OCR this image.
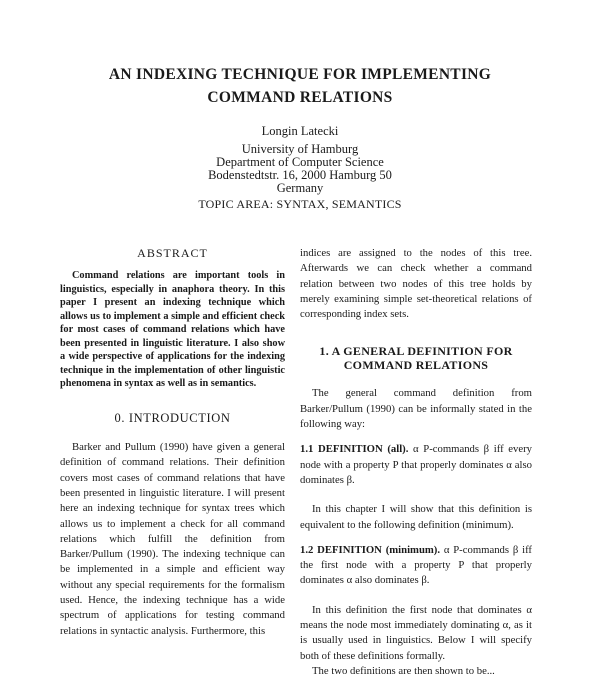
AN INDEXING TECHNIQUE FOR IMPLEMENTING
COMMAND RELATIONS
Longin Latecki
University of Hamburg
Department of Computer Science
Bodenstedtstr. 16, 2000 Hamburg 50
Germany
TOPIC AREA: SYNTAX, SEMANTICS
ABSTRACT

Command relations are important tools in linguistics, especially in anaphora theory. In this paper I present an indexing technique which allows us to implement a simple and efficient check for most cases of command relations which have been presented in linguistic literature. I also show a wide perspective of applications for the indexing technique in the implementation of other linguistic phenomena in syntax as well as in semantics.

0. INTRODUCTION

Barker and Pullum (1990) have given a general definition of command relations. Their definition covers most cases of command relations that have been presented in linguistic literature. I will present here an indexing technique for syntax trees which allows us to implement a check for all command relations which fulfill the definition from Barker/Pullum (1990). The indexing technique can be implemented in a simple and efficient way without any special requirements for the formalism used. Hence, the indexing technique has a wide spectrum of applications for testing command relations in syntactic analysis. Furthermore, this

indices are assigned to the nodes of this tree. Afterwards we can check whether a command relation between two nodes of this tree holds by merely examining simple set-theoretical relations of corresponding index sets.

1. A GENERAL DEFINITION FOR
COMMAND RELATIONS

The general command definition from Barker/Pullum (1990) can be informally stated in the following way:

1.1 DEFINITION (all). α P-commands β iff every node with a property P that properly dominates α also dominates β.

In this chapter I will show that this definition is equivalent to the following definition (minimum).

1.2 DEFINITION (minimum). α P-commands β iff the first node with a property P that properly dominates α also dominates β.

In this definition the first node that dominates α means the node most immediately dominating α, as it is usually used in linguistics. Below I will specify both of these definitions formally.

The two definitions are then shown to be...
